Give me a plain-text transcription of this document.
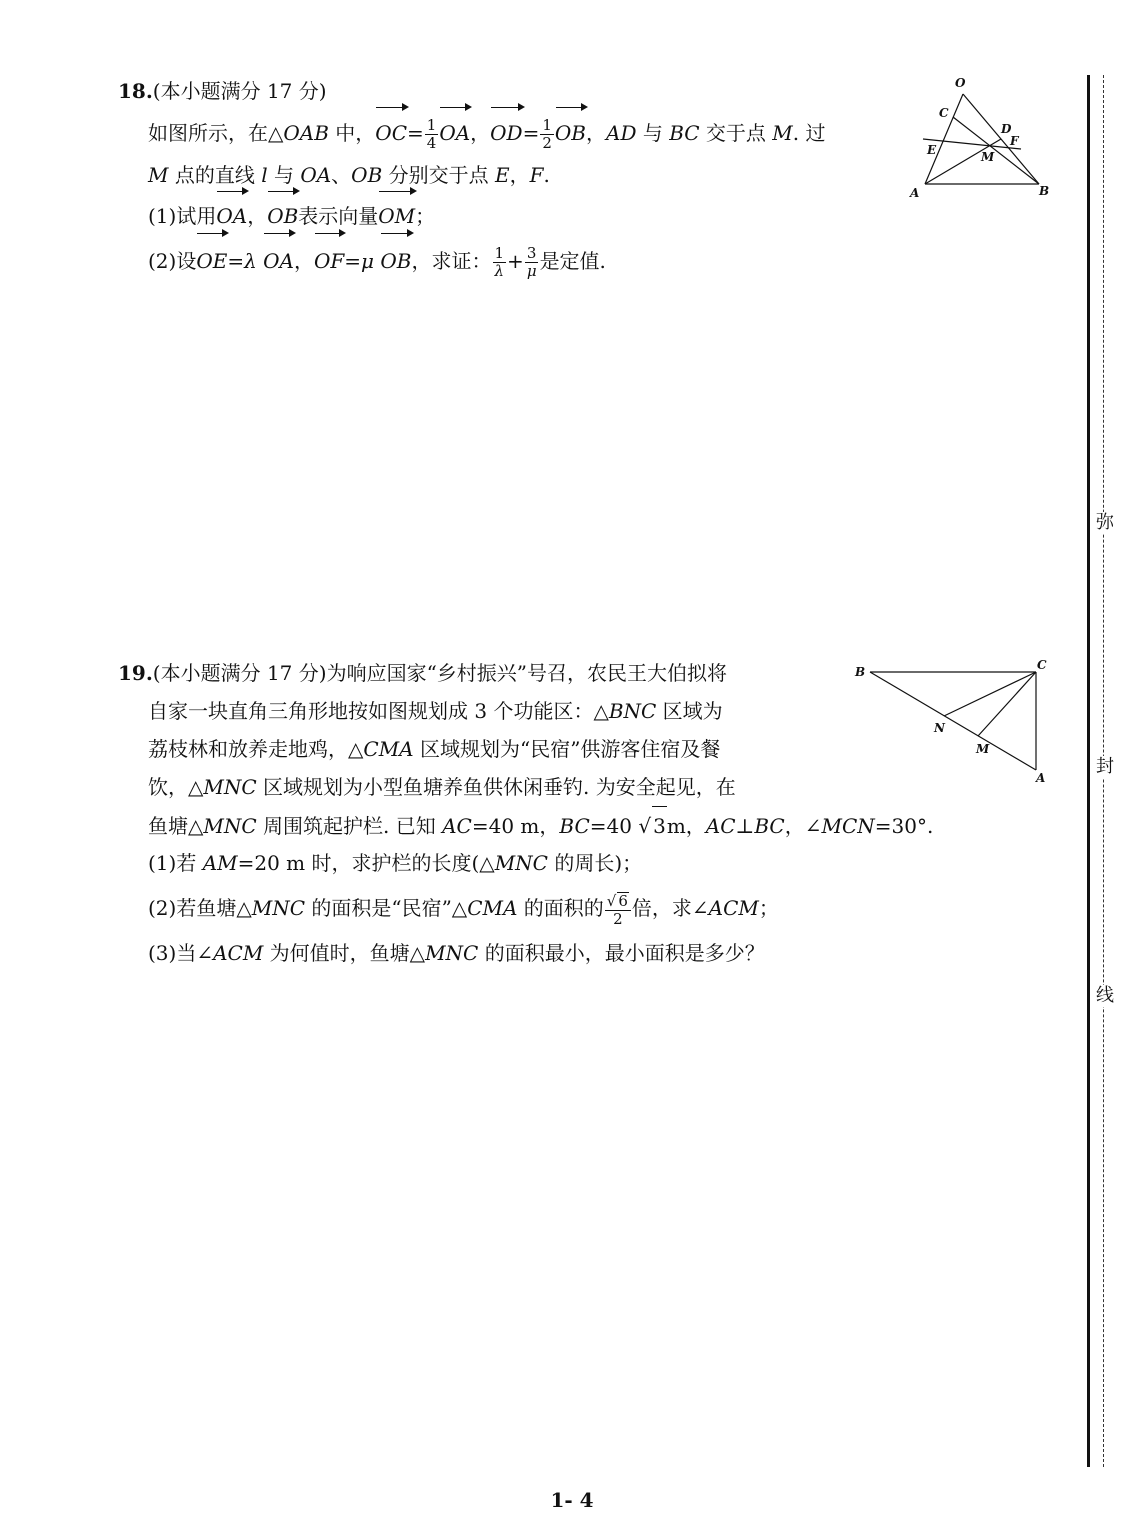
18.(本小题满分 17 分)
如图所示，在△OAB 中，$OC= \frac{1}{4}$ OA，$OD= \frac{1}{2}$ OB，AD 与 BC 交于点 M. 过
M 点的直线 l 与 OA、OB 分别交于点 E，F.
(1)试用OA，OB表示向量OM；
(2)设OE=λ OA，OF=μ OB，求证： $\frac{1}{\lambda} + \frac{3}{\mu}$ 是定值.
O
C
D
F
E	M
A	B
19.(本小题满分 17 分)为响应国家“乡村振兴”号召，农民王大伯拟将
自家一块直角三角形地按如图规划成 3 个功能区：△BNC 区域为
荔枝林和放养走地鸡，△CMA 区域规划为“民宿”供游客住宿及餐
饮，△MNC 区域规划为小型鱼塘养鱼供休闲垂钓. 为安全起见，在
鱼塘△MNC 周围筑起护栏. 已知 AC=40 m，BC=40 √ 3m，AC⊥BC，∠MCN=30°.
(1)若 AM=20 m 时，求护栏的长度(△MNC 的周长)；
(2)若鱼塘△MNC 的面积是“民宿”△CMA 的面积的 $\frac{√ 6}{2}$ 倍，求∠ACM；
(3)当∠ACM 为何值时，鱼塘△MNC 的面积最小，最小面积是多少？
B	C
N
M
A
弥
封
线
1- 4
